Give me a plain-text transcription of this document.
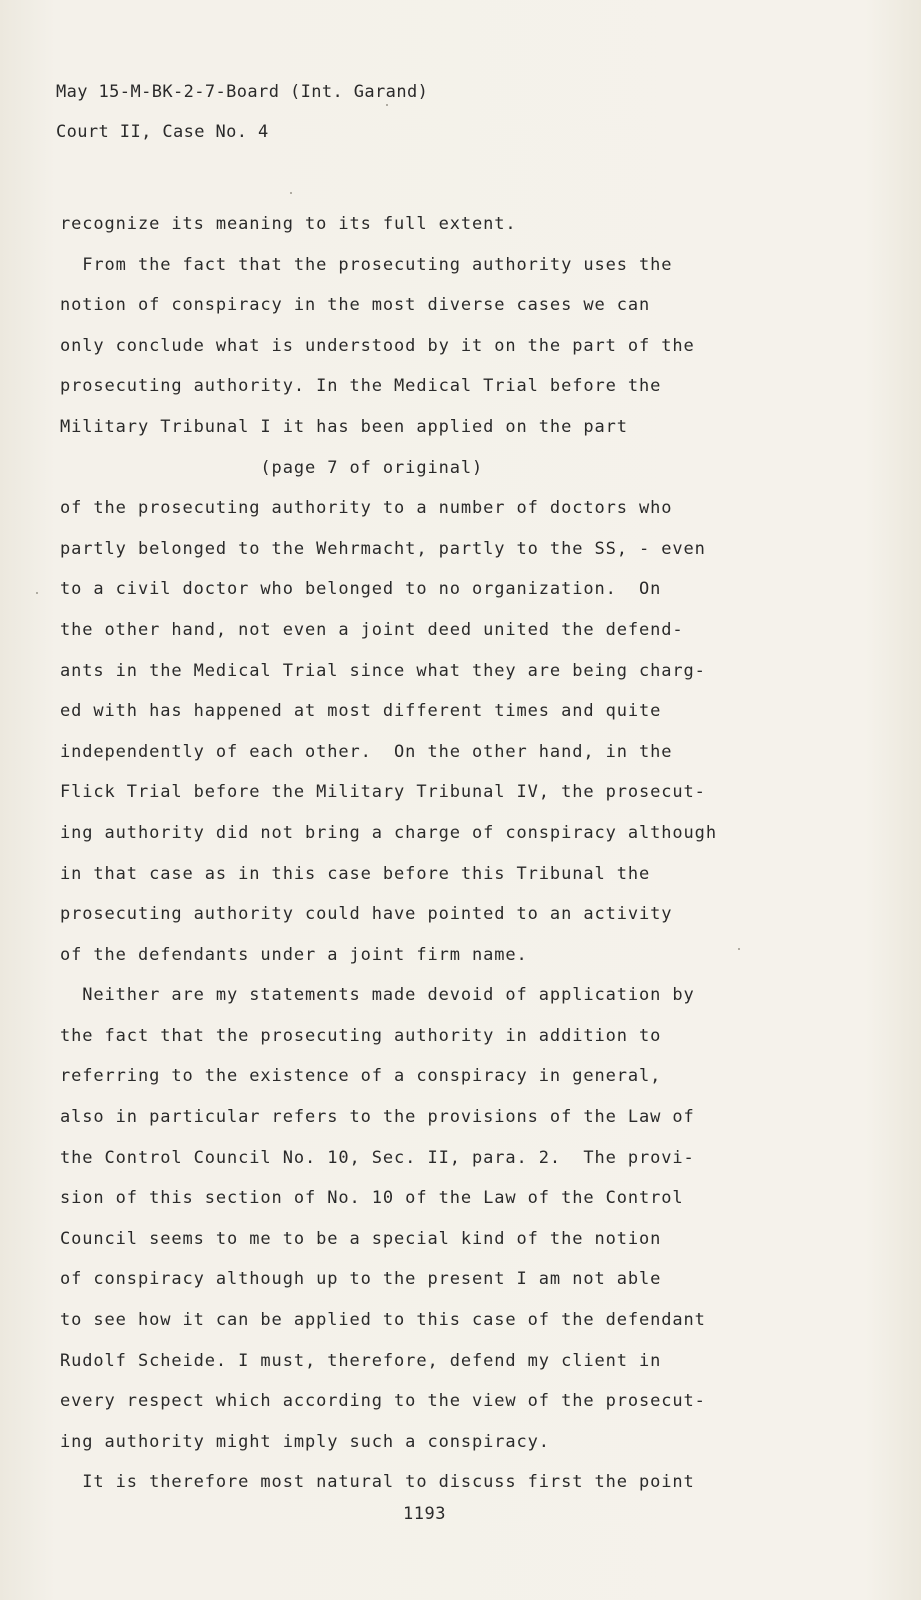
May 15-M-BK-2-7-Board (Int. Garand)
Court II, Case No. 4
recognize its meaning to its full extent.
From the fact that the prosecuting authority uses the
notion of conspiracy in the most diverse cases we can
only conclude what is understood by it on the part of the
prosecuting authority. In the Medical Trial before the
Military Tribunal I it has been applied on the part
(page 7 of original)
of the prosecuting authority to a number of doctors who
partly belonged to the Wehrmacht, partly to the SS, - even
to a civil doctor who belonged to no organization.  On
the other hand, not even a joint deed united the defend-
ants in the Medical Trial since what they are being charg-
ed with has happened at most different times and quite
independently of each other.  On the other hand, in the
Flick Trial before the Military Tribunal IV, the prosecut-
ing authority did not bring a charge of conspiracy although
in that case as in this case before this Tribunal the
prosecuting authority could have pointed to an activity
of the defendants under a joint firm name.
Neither are my statements made devoid of application by
the fact that the prosecuting authority in addition to
referring to the existence of a conspiracy in general,
also in particular refers to the provisions of the Law of
the Control Council No. 10, Sec. II, para. 2.  The provi-
sion of this section of No. 10 of the Law of the Control
Council seems to me to be a special kind of the notion
of conspiracy although up to the present I am not able
to see how it can be applied to this case of the defendant
Rudolf Scheide. I must, therefore, defend my client in
every respect which according to the view of the prosecut-
ing authority might imply such a conspiracy.
It is therefore most natural to discuss first the point
1193
